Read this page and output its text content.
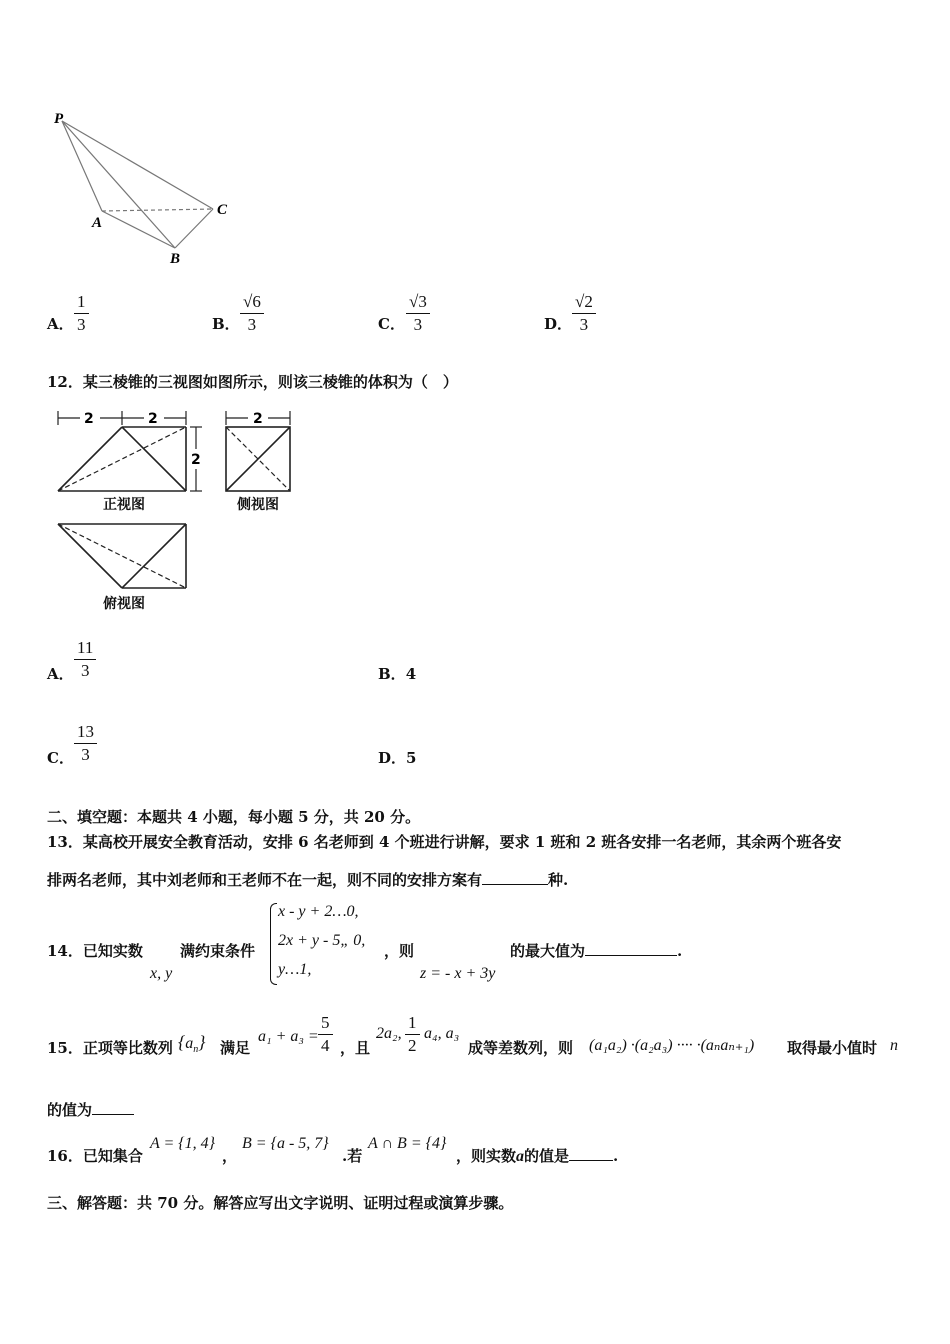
P
A
B
C
A． $\frac{1}{3}$	B． $\frac{√6}{3}$	C． $\frac{√3}{3}$	D． $\frac{√2}{3}$
12．某三棱锥的三视图如图所示，则该三棱锥的体积为（　）
2	2
2
正视图
2
侧视图
俯视图
A． $\frac{11}{3}$	B．4
C． $\frac{13}{3}$	D．5
二、填空题：本题共 4 小题，每小题 5 分，共 20 分。
13．某高校开展安全教育活动，安排 6 名老师到 4 个班进行讲解，要求 1 班和 2 班各安排一名老师，其余两个班各安
排两名老师，其中刘老师和王老师不在一起，则不同的安排方案有	种.
14．已知实数
x, y
满约束条件
x - y + 2…0,
2x + y - 5„ 0,
y…1,
，则
z = - x + 3y
的最大值为	.
15．正项等比数列 $\{a_n\}$ 满足
$a_1 + a_3 = \frac{5}{4}$ ，且
2a₂, $\frac{1}{2} a_4$, a₃
成等差数列，则 (a₁a₂) ·(a₂a₃) ···· ·(aₙaₙ₊₁) 取得最小值时 n
的值为
16．已知集合
A = {1, 4}
，
B = {a - 5, 7}
.若
A ∩ B = {4}
，则实数a的值是	.
三、解答题：共 70 分。解答应写出文字说明、证明过程或演算步骤。
